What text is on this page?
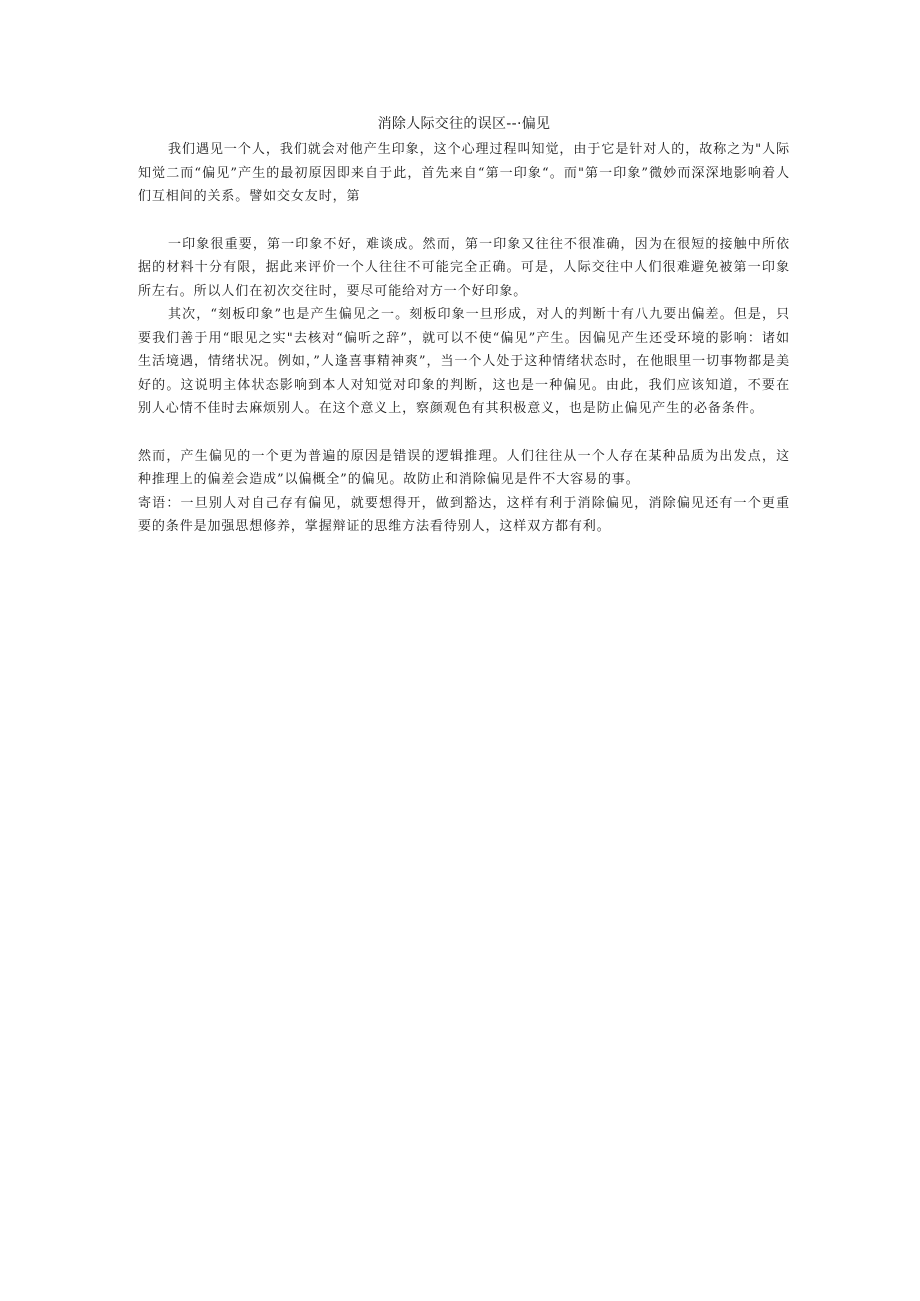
消除人际交往的误区--·偏见

我们遇见一个人，我们就会对他产生印象，这个心理过程叫知觉，由于它是针对人的，故称之为"人际知觉二而“偏见”产生的最初原因即来自于此，首先来自“第一印象“。而"第一印象”微妙而深深地影响着人们互相间的关系。譬如交女友时，第

一印象很重要，第一印象不好，难谈成。然而，第一印象又往往不很准确，因为在很短的接触中所依据的材料十分有限，据此来评价一个人往往不可能完全正确。可是，人际交往中人们很难避免被第一印象所左右。所以人们在初次交往时，要尽可能给对方一个好印象。

其次，“刻板印象”也是产生偏见之一。刻板印象一旦形成，对人的判断十有八九要出偏差。但是，只要我们善于用“眼见之实"去核对“偏听之辞”，就可以不使“偏见”产生。因偏见产生还受环境的影响：诸如生活境遇，情绪状况。例如，”人逢喜事精神爽”，当一个人处于这种情绪状态时，在他眼里一切事物都是美好的。这说明主体状态影响到本人对知觉对印象的判断，这也是一种偏见。由此，我们应该知道，不要在别人心情不佳时去麻烦别人。在这个意义上，察颜观色有其积极意义，也是防止偏见产生的必备条件。

然而，产生偏见的一个更为普遍的原因是错误的逻辑推理。人们往往从一个人存在某种品质为出发点，这种推理上的偏差会造成”以偏概全”的偏见。故防止和消除偏见是件不大容易的事。

寄语：一旦别人对自己存有偏见，就要想得开，做到豁达，这样有利于消除偏见，消除偏见还有一个更重要的条件是加强思想修养，掌握辩证的思维方法看待别人，这样双方都有利。
